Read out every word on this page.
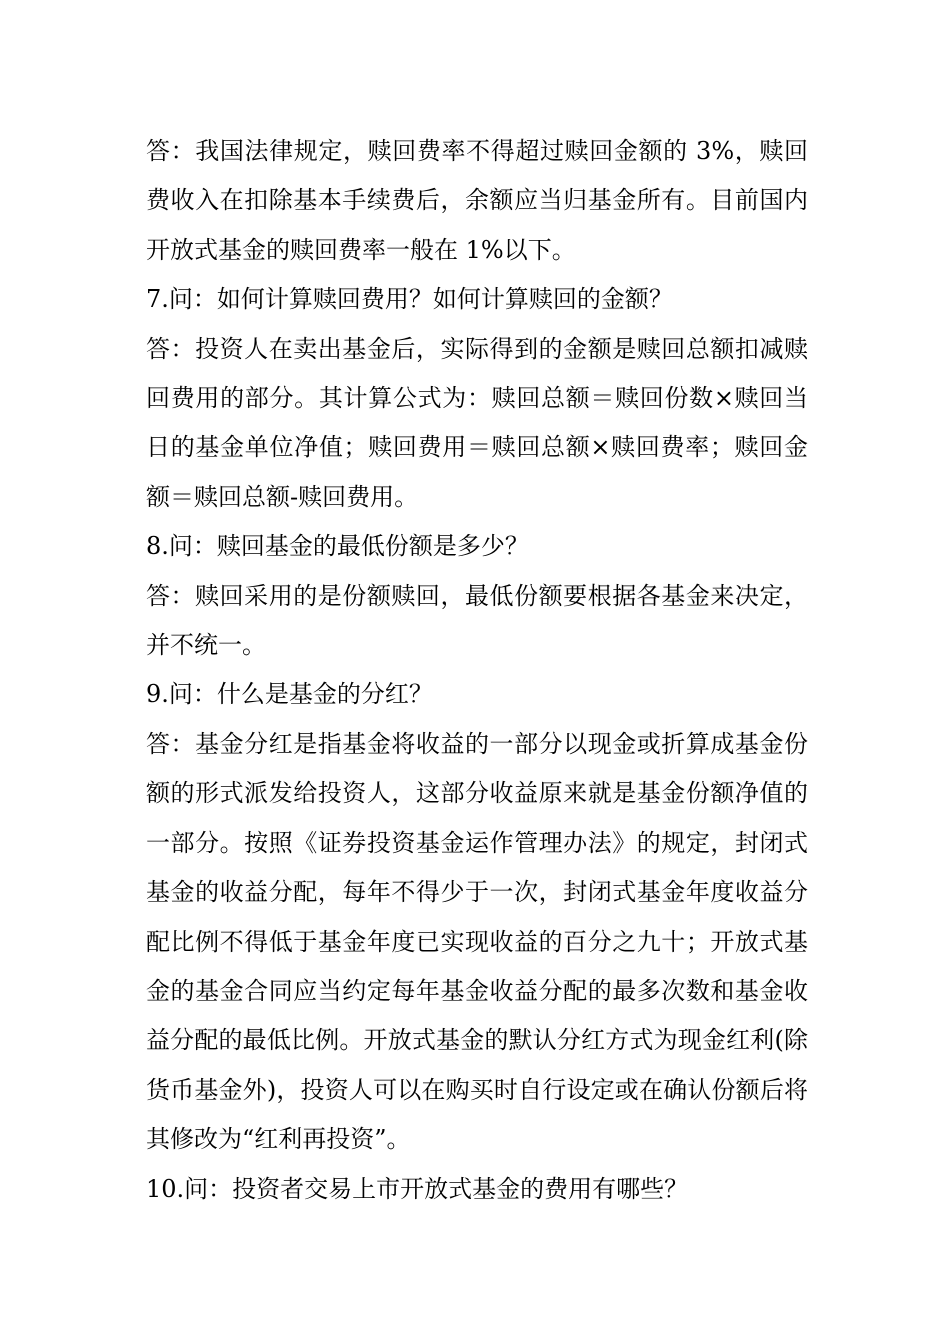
答：我国法律规定，赎回费率不得超过赎回金额的 3%，赎回费收入在扣除基本手续费后，余额应当归基金所有。目前国内开放式基金的赎回费率一般在 1%以下。

7.问：如何计算赎回费用？如何计算赎回的金额？

答：投资人在卖出基金后，实际得到的金额是赎回总额扣减赎回费用的部分。其计算公式为：赎回总额＝赎回份数×赎回当日的基金单位净值；赎回费用＝赎回总额×赎回费率；赎回金额＝赎回总额-赎回费用。

8.问：赎回基金的最低份额是多少？

答：赎回采用的是份额赎回，最低份额要根据各基金来决定，并不统一。

9.问：什么是基金的分红？

答：基金分红是指基金将收益的一部分以现金或折算成基金份额的形式派发给投资人，这部分收益原来就是基金份额净值的一部分。按照《证券投资基金运作管理办法》的规定，封闭式基金的收益分配，每年不得少于一次，封闭式基金年度收益分配比例不得低于基金年度已实现收益的百分之九十；开放式基金的基金合同应当约定每年基金收益分配的最多次数和基金收益分配的最低比例。开放式基金的默认分红方式为现金红利(除货币基金外)，投资人可以在购买时自行设定或在确认份额后将其修改为“红利再投资”。

10.问：投资者交易上市开放式基金的费用有哪些？
